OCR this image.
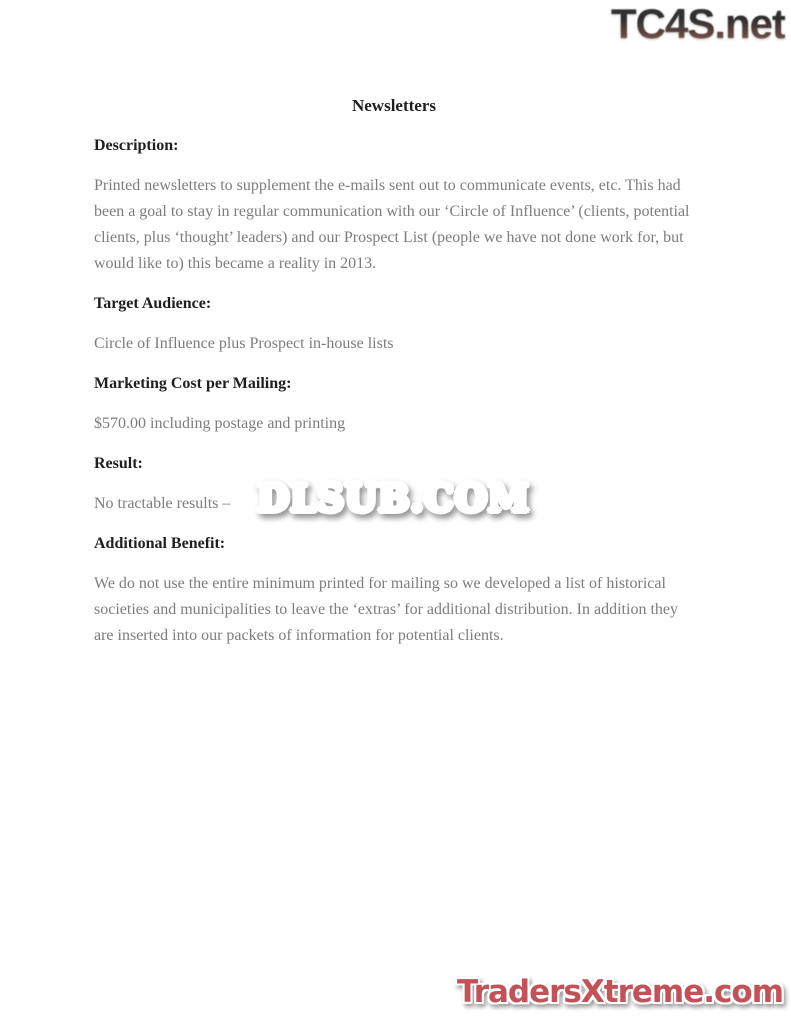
TC4S.net
Newsletters
Description:
Printed newsletters to supplement the e-mails sent out to communicate events, etc. This had been a goal to stay in regular communication with our ‘Circle of Influence’ (clients, potential clients, plus ‘thought’ leaders) and our Prospect List (people we have not done work for, but would like to) this became a reality in 2013.
Target Audience:
Circle of Influence plus Prospect in-house lists
Marketing Cost per Mailing:
$570.00 including postage and printing
Result:
No tractable results –
Additional Benefit:
We do not use the entire minimum printed for mailing so we developed a list of historical societies and municipalities to leave the ‘extras’ for additional distribution. In addition they are inserted into our packets of information for potential clients.
DLSUB.COM
TradersXtreme.com
